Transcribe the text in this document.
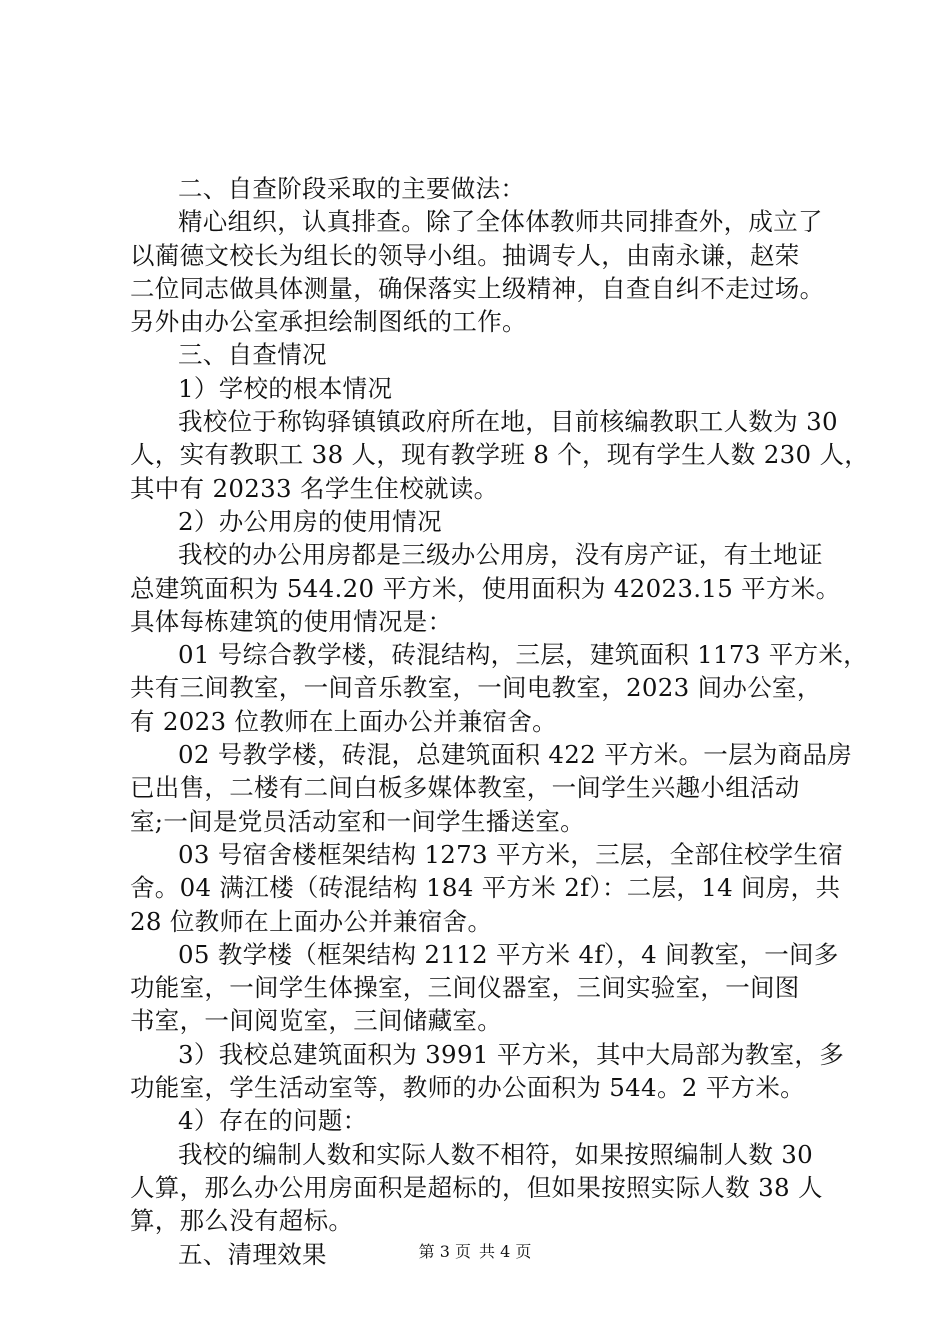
二、自查阶段采取的主要做法：
精心组织，认真排查。除了全体体教师共同排查外，成立了
以蔺德文校长为组长的领导小组。抽调专人，由南永谦，赵荣
二位同志做具体测量，确保落实上级精神，自查自纠不走过场。
另外由办公室承担绘制图纸的工作。
三、自查情况
1）学校的根本情况
我校位于称钩驿镇镇政府所在地，目前核编教职工人数为 30
人，实有教职工 38 人，现有教学班 8 个，现有学生人数 230 人，
其中有 20233 名学生住校就读。
2）办公用房的使用情况
我校的办公用房都是三级办公用房，没有房产证，有土地证
总建筑面积为 544.20 平方米，使用面积为 42023.15 平方米。
具体每栋建筑的使用情况是：
01 号综合教学楼，砖混结构，三层，建筑面积 1173 平方米，
共有三间教室，一间音乐教室，一间电教室，2023 间办公室，
有 2023 位教师在上面办公并兼宿舍。
02 号教学楼，砖混，总建筑面积 422 平方米。一层为商品房
已出售，二楼有二间白板多媒体教室，一间学生兴趣小组活动
室;一间是党员活动室和一间学生播送室。
03 号宿舍楼框架结构 1273 平方米，三层，全部住校学生宿
舍。04 满江楼（砖混结构 184 平方米 2f）：二层，14 间房，共
28 位教师在上面办公并兼宿舍。
05 教学楼（框架结构 2112 平方米 4f），4 间教室，一间多
功能室，一间学生体操室，三间仪器室，三间实验室，一间图
书室，一间阅览室，三间储藏室。
3）我校总建筑面积为 3991 平方米，其中大局部为教室，多
功能室，学生活动室等，教师的办公面积为 544。2 平方米。
4）存在的问题：
我校的编制人数和实际人数不相符，如果按照编制人数 30
人算，那么办公用房面积是超标的，但如果按照实际人数 38 人
算，那么没有超标。
五、清理效果	第 3 页 共 4 页
